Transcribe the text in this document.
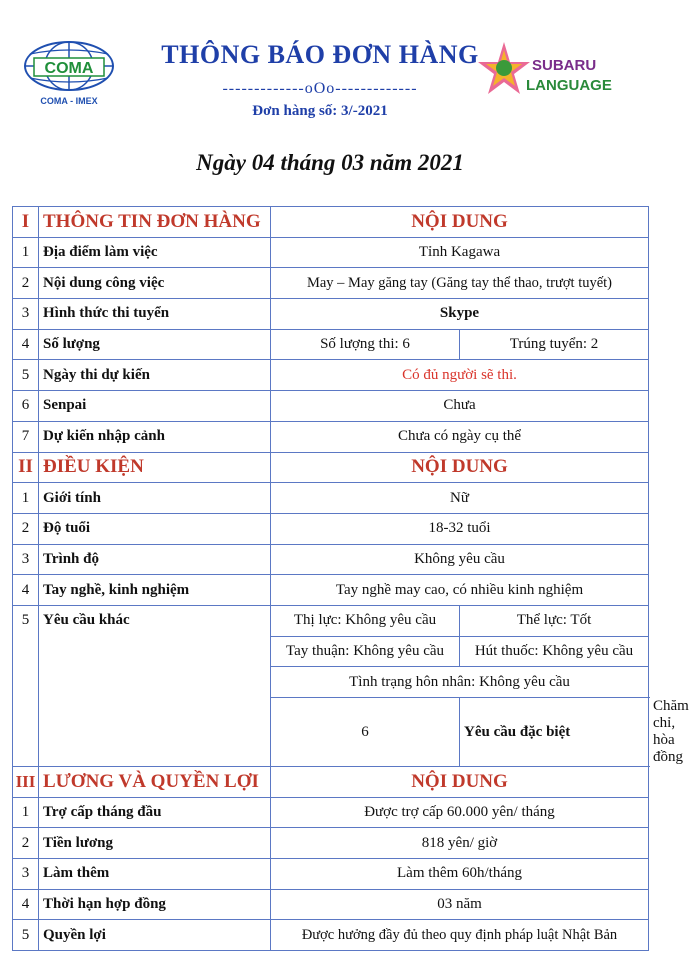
COMA
COMA - IMEX
THÔNG BÁO ĐƠN HÀNG
-------------oOo-------------
Đơn hàng số: 3/-2021
SUBARU
LANGUAGE
Ngày 04 tháng 03 năm 2021
I	THÔNG TIN ĐƠN HÀNG	NỘI DUNG		
1	Địa điểm làm việc	Tỉnh Kagawa		
2	Nội dung công việc	May – May găng tay (Găng tay thể thao, trượt tuyết)		
3	Hình thức thi tuyển	Skype		
4	Số lượng	Số lượng thi: 6	Trúng tuyển: 2	
5	Ngày thi dự kiến	Có đủ người sẽ thi.		
6	Senpai	Chưa		
7	Dự kiến nhập cảnh	Chưa có ngày cụ thể		
II	ĐIỀU KIỆN	NỘI DUNG		
1	Giới tính	Nữ		
2	Độ tuổi	18-32 tuổi		
3	Trình độ	Không yêu cầu		
4	Tay nghề, kinh nghiệm	Tay nghề may cao, có nhiều kinh nghiệm		
5	Yêu cầu khác	Thị lực: Không yêu cầu	Thể lực: Tốt	
		Tay thuận: Không yêu cầu	Hút thuốc: Không yêu cầu	
		Tình trạng hôn nhân: Không yêu cầu		
		6	Yêu cầu đặc biệt	Chăm chỉ, hòa đồng
III	LƯƠNG VÀ QUYỀN LỢI	NỘI DUNG		
1	Trợ cấp tháng đầu	Được trợ cấp 60.000 yên/ tháng		
2	Tiền lương	818 yên/ giờ		
3	Làm thêm	Làm thêm 60h/tháng		
4	Thời hạn hợp đồng	03 năm		
5	Quyền lợi	Được hưởng đầy đủ theo quy định pháp luật Nhật Bản		
